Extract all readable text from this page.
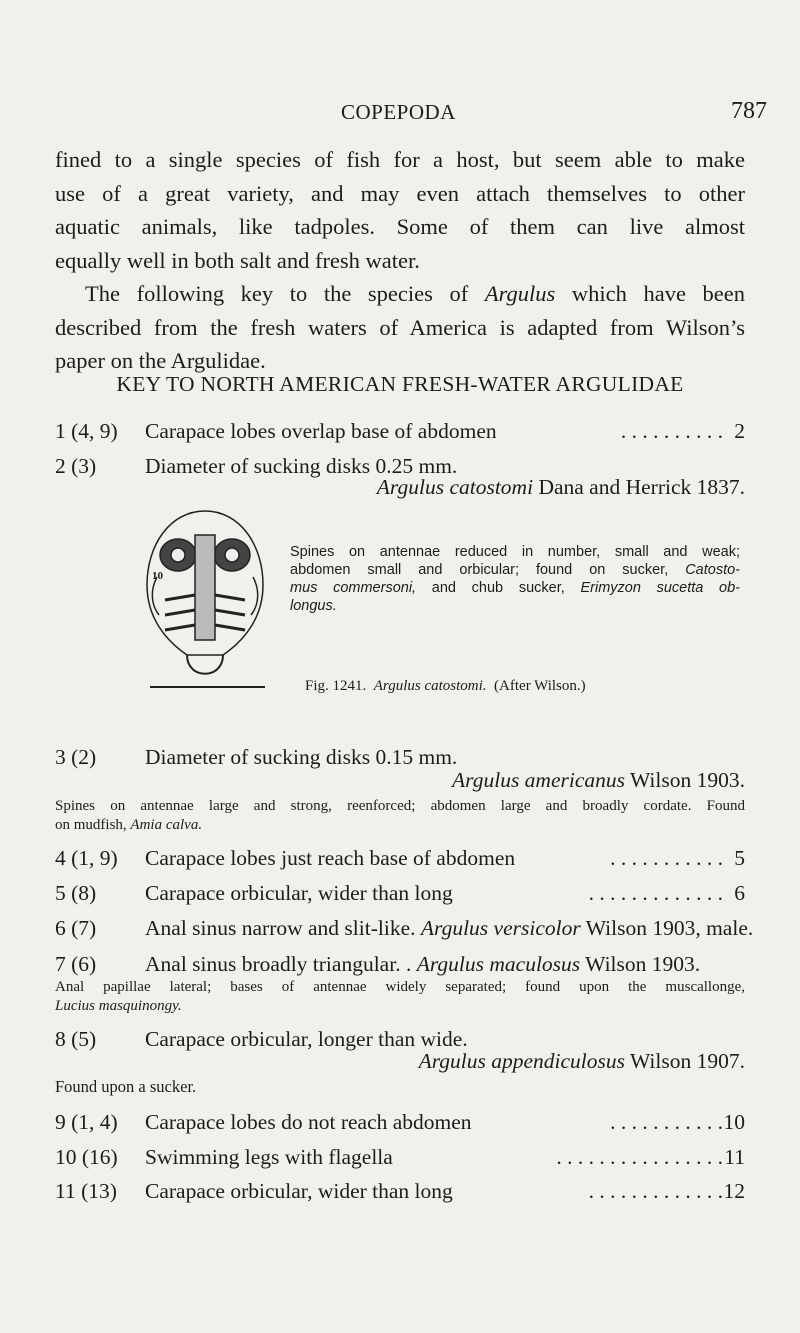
COPEPODA	787
fined to a single species of fish for a host, but seem able to make
use of a great variety, and may even attach themselves to other
aquatic animals, like tadpoles. Some of them can live almost
equally well in both salt and fresh water.
The following key to the species of Argulus which have been
described from the fresh waters of America is adapted from Wilson’s
paper on the Argulidae.
KEY TO NORTH AMERICAN FRESH-WATER ARGULIDAE
1 (4, 9) Carapace lobes overlap base of abdomen	. . . . . . . . . . 2
2 (3) Diameter of sucking disks 0.25 mm.
Argulus catostomi Dana and Herrick 1837.
10
Spines on antennae reduced in number, small and weak;
abdomen small and orbicular; found on sucker, Catosto-
mus commersoni, and chub sucker, Erimyzon sucetta ob-
longus.
Fig. 1241. Argulus catostomi. (After Wilson.)
3 (2) Diameter of sucking disks 0.15 mm.
Argulus americanus Wilson 1903.
Spines on antennae large and strong, reenforced; abdomen large and broadly cordate. Found
on mudfish, Amia calva.
4 (1, 9) Carapace lobes just reach base of abdomen	. . . . . . . . . . . 5
5 (8) Carapace orbicular, wider than long	. . . . . . . . . . . . . 6
6 (7) Anal sinus narrow and slit-like. Argulus versicolor Wilson 1903, male.
7 (6) Anal sinus broadly triangular. . Argulus maculosus Wilson 1903.
Anal papillae lateral; bases of antennae widely separated; found upon the muscallonge,
Lucius masquinongy.
8 (5) Carapace orbicular, longer than wide.
Argulus appendiculosus Wilson 1907.
Found upon a sucker.
9 (1, 4) Carapace lobes do not reach abdomen	. . . . . . . . . . . 10
10 (16) Swimming legs with flagella	. . . . . . . . . . . . . . . . 11
11 (13) Carapace orbicular, wider than long	. . . . . . . . . . . . . 12
